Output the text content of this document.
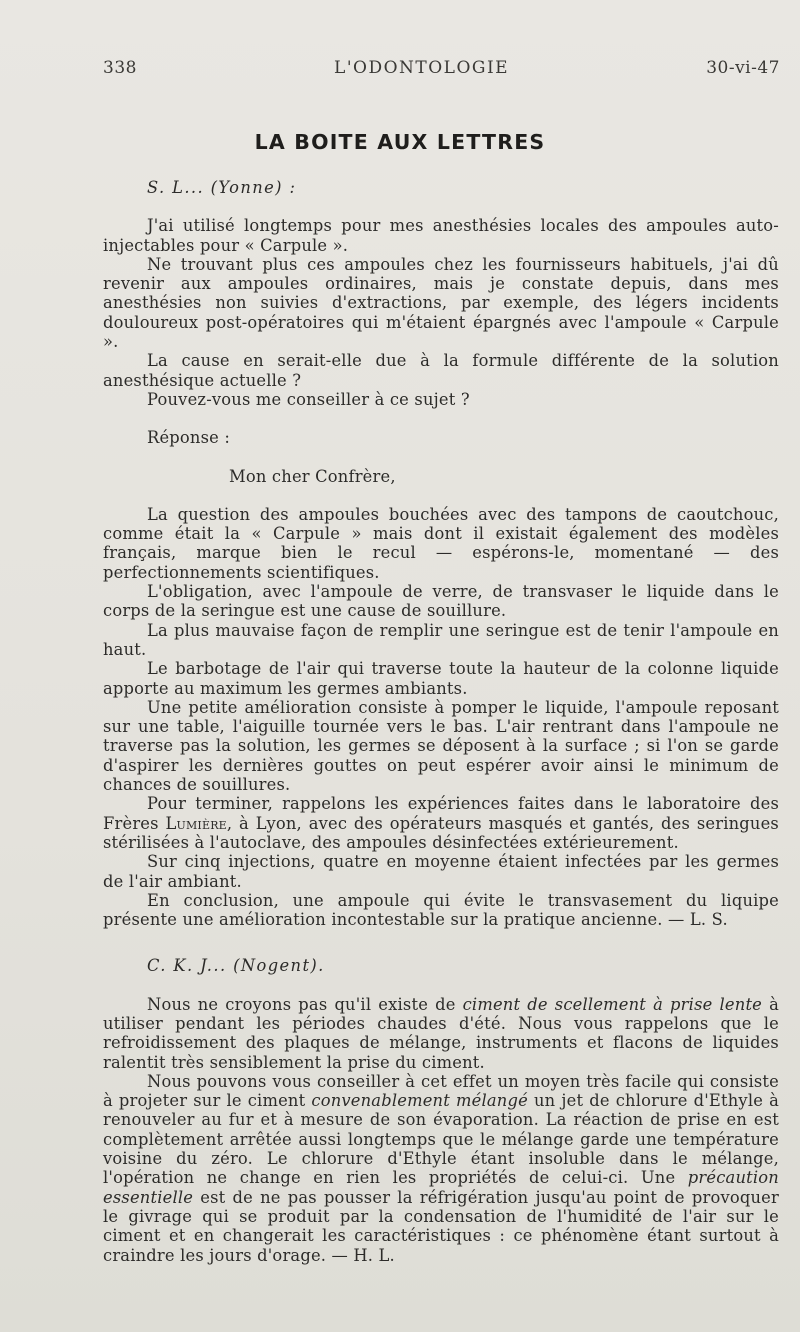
338	L'ODONTOLOGIE	30-vi-47
LA BOITE AUX LETTRES

S. L... (Yonne) :

J'ai utilisé longtemps pour mes anesthésies locales des ampoules auto-injectables pour « Carpule ».

Ne trouvant plus ces ampoules chez les fournisseurs habituels, j'ai dû revenir aux ampoules ordinaires, mais je constate depuis, dans mes anesthésies non suivies d'extractions, par exemple, des légers incidents douloureux post-opératoires qui m'étaient épargnés avec l'ampoule « Carpule ».

La cause en serait-elle due à la formule différente de la solution anesthésique actuelle ?

Pouvez-vous me conseiller à ce sujet ?

Réponse :

Mon cher Confrère,

La question des ampoules bouchées avec des tampons de caoutchouc, comme était la « Carpule » mais dont il existait également des modèles français, marque bien le recul — espérons-le, momentané — des perfectionnements scientifiques.

L'obligation, avec l'ampoule de verre, de transvaser le liquide dans le corps de la seringue est une cause de souillure.

La plus mauvaise façon de remplir une seringue est de tenir l'ampoule en haut.

Le barbotage de l'air qui traverse toute la hauteur de la colonne liquide apporte au maximum les germes ambiants.

Une petite amélioration consiste à pomper le liquide, l'ampoule reposant sur une table, l'aiguille tournée vers le bas. L'air rentrant dans l'ampoule ne traverse pas la solution, les germes se déposent à la surface ; si l'on se garde d'aspirer les dernières gouttes on peut espérer avoir ainsi le minimum de chances de souillures.

Pour terminer, rappelons les expériences faites dans le laboratoire des Frères Lumière, à Lyon, avec des opérateurs masqués et gantés, des seringues stérilisées à l'autoclave, des ampoules désinfectées extérieurement.

Sur cinq injections, quatre en moyenne étaient infectées par les germes de l'air ambiant.

En conclusion, une ampoule qui évite le transvasement du liquipe présente une amélioration incontestable sur la pratique ancienne. — L. S.

C. K. J... (Nogent).

Nous ne croyons pas qu'il existe de ciment de scellement à prise lente à utiliser pendant les périodes chaudes d'été. Nous vous rappelons que le refroidissement des plaques de mélange, instruments et flacons de liquides ralentit très sensiblement la prise du ciment.

Nous pouvons vous conseiller à cet effet un moyen très facile qui consiste à projeter sur le ciment convenablement mélangé un jet de chlorure d'Ethyle à renouveler au fur et à mesure de son évaporation. La réaction de prise en est complètement arrêtée aussi longtemps que le mélange garde une température voisine du zéro. Le chlorure d'Ethyle étant insoluble dans le mélange, l'opération ne change en rien les propriétés de celui-ci. Une précaution essentielle est de ne pas pousser la réfrigération jusqu'au point de provoquer le givrage qui se produit par la condensation de l'humidité de l'air sur le ciment et en changerait les caractéristiques : ce phénomène étant surtout à craindre les jours d'orage. — H. L.
